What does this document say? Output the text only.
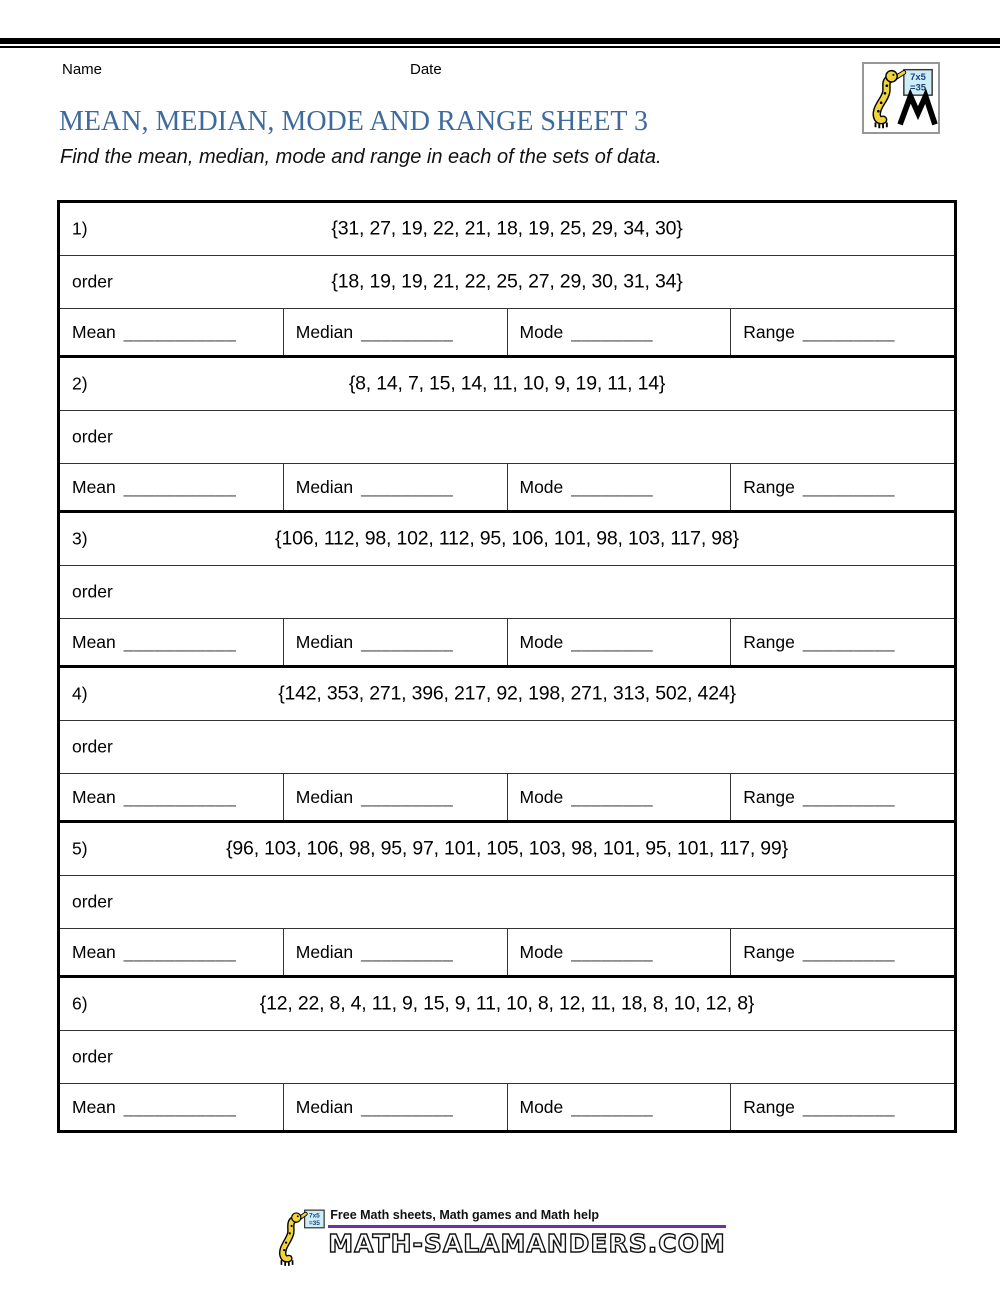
Name	Date	7x5
=35
MEAN, MEDIAN, MODE AND RANGE SHEET 3

Find the mean, median, mode and range in each of the sets of data.

1)	{31, 27, 19, 22, 21, 18, 19, 25, 29, 34, 30}
order	{18, 19, 19, 21, 22, 25, 27, 29, 30, 31, 34}
Mean ___________	Median _________	Mode ________	Range _________
2)	{8, 14, 7, 15, 14, 11, 10, 9, 19, 11, 14}
order
Mean ___________	Median _________	Mode ________	Range _________
3)	{106, 112, 98, 102, 112, 95, 106, 101, 98, 103, 117, 98}
order
Mean ___________	Median _________	Mode ________	Range _________
4)	{142, 353, 271, 396, 217, 92, 198, 271, 313, 502, 424}
order
Mean ___________	Median _________	Mode ________	Range _________
5)	{96, 103, 106, 98, 95, 97, 101, 105, 103, 98, 101, 95, 101, 117, 99}
order
Mean ___________	Median _________	Mode ________	Range _________
6)	{12, 22, 8, 4, 11, 9, 15, 9, 11, 10, 8, 12, 11, 18, 8, 10, 12, 8}
order
Mean ___________	Median _________	Mode ________	Range _________
7x5
=35
Free Math sheets, Math games and Math help
MATH-SALAMANDERS.COM
